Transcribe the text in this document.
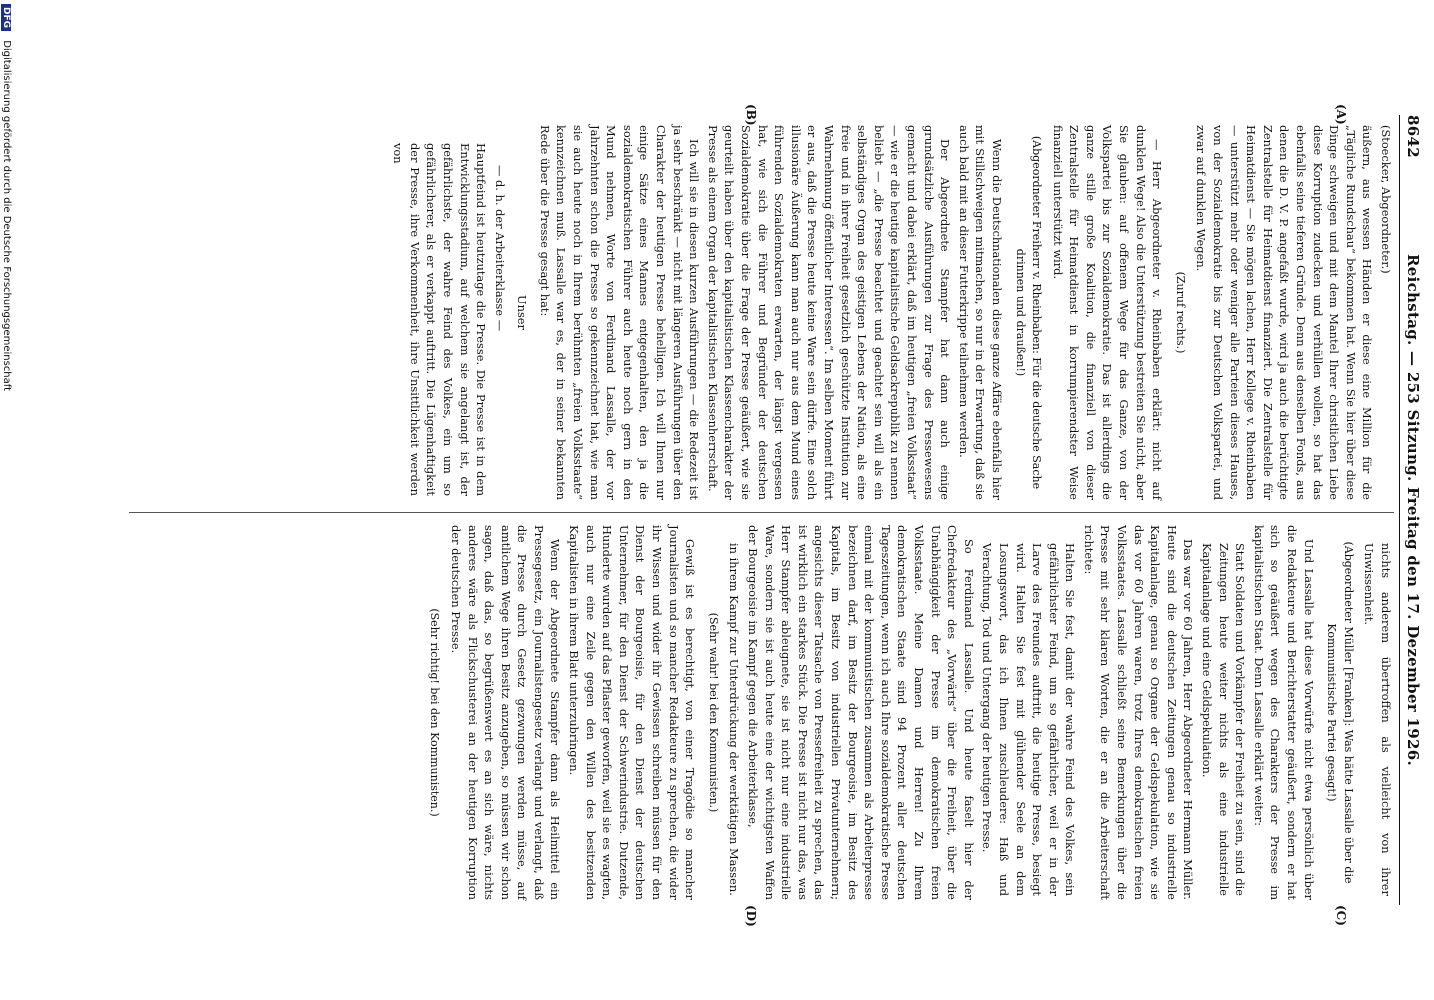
8642
Reichstag. — 253 Sitzung. Freitag den 17. Dezember 1926.
(A)
(B)
(C)
(D)

(Stoecker, Abgeordneter.)

äußern, aus wessen Händen er diese eine Million für die „Tägliche Rundschau“ bekommen hat. Wenn Sie hier über diese Dinge schweigen und mit dem Mantel Ihrer christlichen Liebe diese Korruption zudecken und verhüllen wollen, so hat das ebenfalls seine tieferen Gründe. Denn aus denselben Fonds, aus denen die D. V. P. angefaßt wurde, wird ja auch die berüchtigte Zentralstelle für Heimatdienst finanziert. Die Zentralstelle für Heimatdienst — Sie mögen lachen, Herr Kollege v. Rheinbaben — unterstützt mehr oder weniger alle Parteien dieses Hauses, von der Sozialdemokratie bis zur Deutschen Volkspartei, und zwar auf dunklen Wegen.

(Zuruf rechts.)

— Herr Abgeordneter v. Rheinbaben erklärt: nicht auf dunklen Wege! Also die Unterstützung bestreiten Sie nicht, aber Sie glauben: auf offenem Wege für das Ganze, von der Volkspartei bis zur Sozialdemokratie. Das ist allerdings die ganze stille große Koalition, die finanziell von dieser Zentralstelle für Heimatdienst in korrumpierendster Weise finanziell unterstützt wird.

(Abgeordneter Freiherr v. Rheinbaben: Für die deutsche Sache drinnen und draußen!)

Wenn die Deutschnationalen diese ganze Affäre ebenfalls hier mit Stillschweigen mitmachen, so nur in der Erwartung, daß sie auch bald mit an dieser Futterkrippe teilnehmen werden.

Der Abgeordnete Stampfer hat dann auch einige grundsätzliche Ausführungen zur Frage des Pressewesens gemacht und dabei erklärt, daß im heutigen „freien Volksstaat“ — wie er die heutige kapitalistische Geldsackrepublik zu nennen beliebt — „die Presse beachtet und geachtet sein will als ein selbständiges Organ des geistigen Lebens der Nation, als eine freie und in ihrer Freiheit gesetzlich geschützte Institution zur Wahrnehmung öffentlicher Interessen“. Im selben Moment führt er aus, daß die Presse heute keine Ware sein dürfe. Eine solch illusionäre Äußerung kann man auch nur aus dem Mund eines führenden Sozialdemokraten erwarten, der längst vergessen hat, wie sich die Führer und Begründer der deutschen Sozialdemokratie über die Frage der Presse geäußert, wie sie geurteilt haben über den kapitalistischen Klassencharakter der Presse als einem Organ der kapitalistischen Klassenherrschaft.

Ich will sie in diesen kurzen Ausführungen — die Redezeit ist ja sehr beschränkt — nicht mit längeren Ausführungen über den Charakter der heutigen Presse behelligen. Ich will Ihnen nur einige Sätze eines Mannes entgegenhalten, den ja die sozialdemokratischen Führer auch heute noch gern in den Mund nehmen, Worte von Ferdinand Lassalle, der vor Jahrzehnten schon die Presse so gekennzeichnet hat, wie man sie auch heute noch in Ihrem berühmten „freien Volksstaate“ kennzeichnen muß. Lassalle war es, der in seiner bekannten Rede über die Presse gesagt hat:

Unser

— d. h. der Arbeiterklasse —

Hauptfeind ist heutzutage die Presse. Die Presse ist in dem Entwicklungsstadium, auf welchem sie angelangt ist, der gefährlichste, der wahre Feind des Volkes, ein um so gefährlicherer, als er verkappt auftritt. Die Lügenhaftigkeit der Presse, ihre Verkommenheit, ihre Unsittlichkeit werden von

nichts anderem übertroffen als vielleicht von ihrer Unwissenheit.

(Abgeordneter Müller [Franken]: Was hätte Lassalle über die Kommunistische Partei gesagt!)

Und Lassalle hat diese Vorwürfe nicht etwa persönlich über die Redakteure und Berichterstatter geäußert, sondern er hat sich so geäußert wegen des Charakters der Presse im kapitalistischen Staat. Denn Lassalle erklärt weiter:

Statt Soldaten und Vorkämpfer der Freiheit zu sein, sind die Zeitungen heute weiter nichts als eine industrielle Kapitalanlage und eine Geldspekulation.

Das war vor 60 Jahren, Herr Abgeordneter Hermann Müller. Heute sind die deutschen Zeitungen genau so industrielle Kapitalanlage, genau so Organe der Geldspekulation, wie sie das vor 60 Jahren waren, trotz Ihres demokratischen freien Volksstaates. Lassalle schließt seine Bemerkungen über die Presse mit sehr klaren Worten, die er an die Arbeiterschaft richtete:

Halten Sie fest, damit der wahre Feind des Volkes, sein gefährlichster Feind, um so gefährlicher, weil er in der Larve des Freundes auftritt, die heutige Presse, besiegt wird. Halten Sie fest mit glühender Seele an dem Losungswort, das ich Ihnen zuschleudere: Haß und Verachtung, Tod und Untergang der heutigen Presse.

So Ferdinand Lassalle. Und heute faselt hier der Chefredakteur des „Vorwärts“ über die Freiheit, über die Unabhängigkeit der Presse im demokratischen freien Volksstaate. Meine Damen und Herren! Zu Ihrem demokratischen Staate sind 94 Prozent aller deutschen Tageszeitungen, wenn ich auch Ihre sozialdemokratische Presse einmal mit der kommunistischen zusammen als Arbeiterpresse bezeichnen darf, im Besitz der Bourgeoisie, im Besitz des Kapitals, im Besitz von industriellen Privatunternehmern; angesichts dieser Tatsache von Pressefreiheit zu sprechen, das ist wirklich ein starkes Stück. Die Presse ist nicht nur das, was Herr Stampfer ableugnete, sie ist nicht nur eine industrielle Ware, sondern sie ist auch heute eine der wichtigsten Waffen der Bourgeoisie im Kampf gegen die Arbeiterklasse,

in ihrem Kampf zur Unterdrückung der werktätigen Massen.

(Sehr wahr! bei den Kommunisten.)

Gewiß ist es berechtigt, von einer Tragödie so mancher Journalisten und so mancher Redakteure zu sprechen, die wider ihr Wissen und wider ihr Gewissen schreiben müssen für den Dienst der Bourgeoisie, für den Dienst der deutschen Unternehmer, für den Dienst der Schwerindustrie. Dutzende, Hunderte wurden auf das Pflaster geworfen, weil sie es wagten, auch nur eine Zeile gegen den Willen des besitzenden Kapitalisten in ihrem Blatt unterzubringen.

Wenn der Abgeordnete Stampfer dann als Heilmittel ein Pressegesetz, ein Journalistengesetz verlangt und verlangt, daß die Presse durch Gesetz gezwungen werden müsse, auf amtlichem Wege ihren Besitz anzugeben, so müssen wir schon sagen, daß das, so begrüßenswert es an sich wäre, nichts anderes wäre als Flickschusterei an der heutigen Korruption der deutschen Presse.

(Sehr richtig! bei den Kommunisten.)

DFG Digitalisierung gefördert durch die Deutsche Forschungsgemeinschaft
